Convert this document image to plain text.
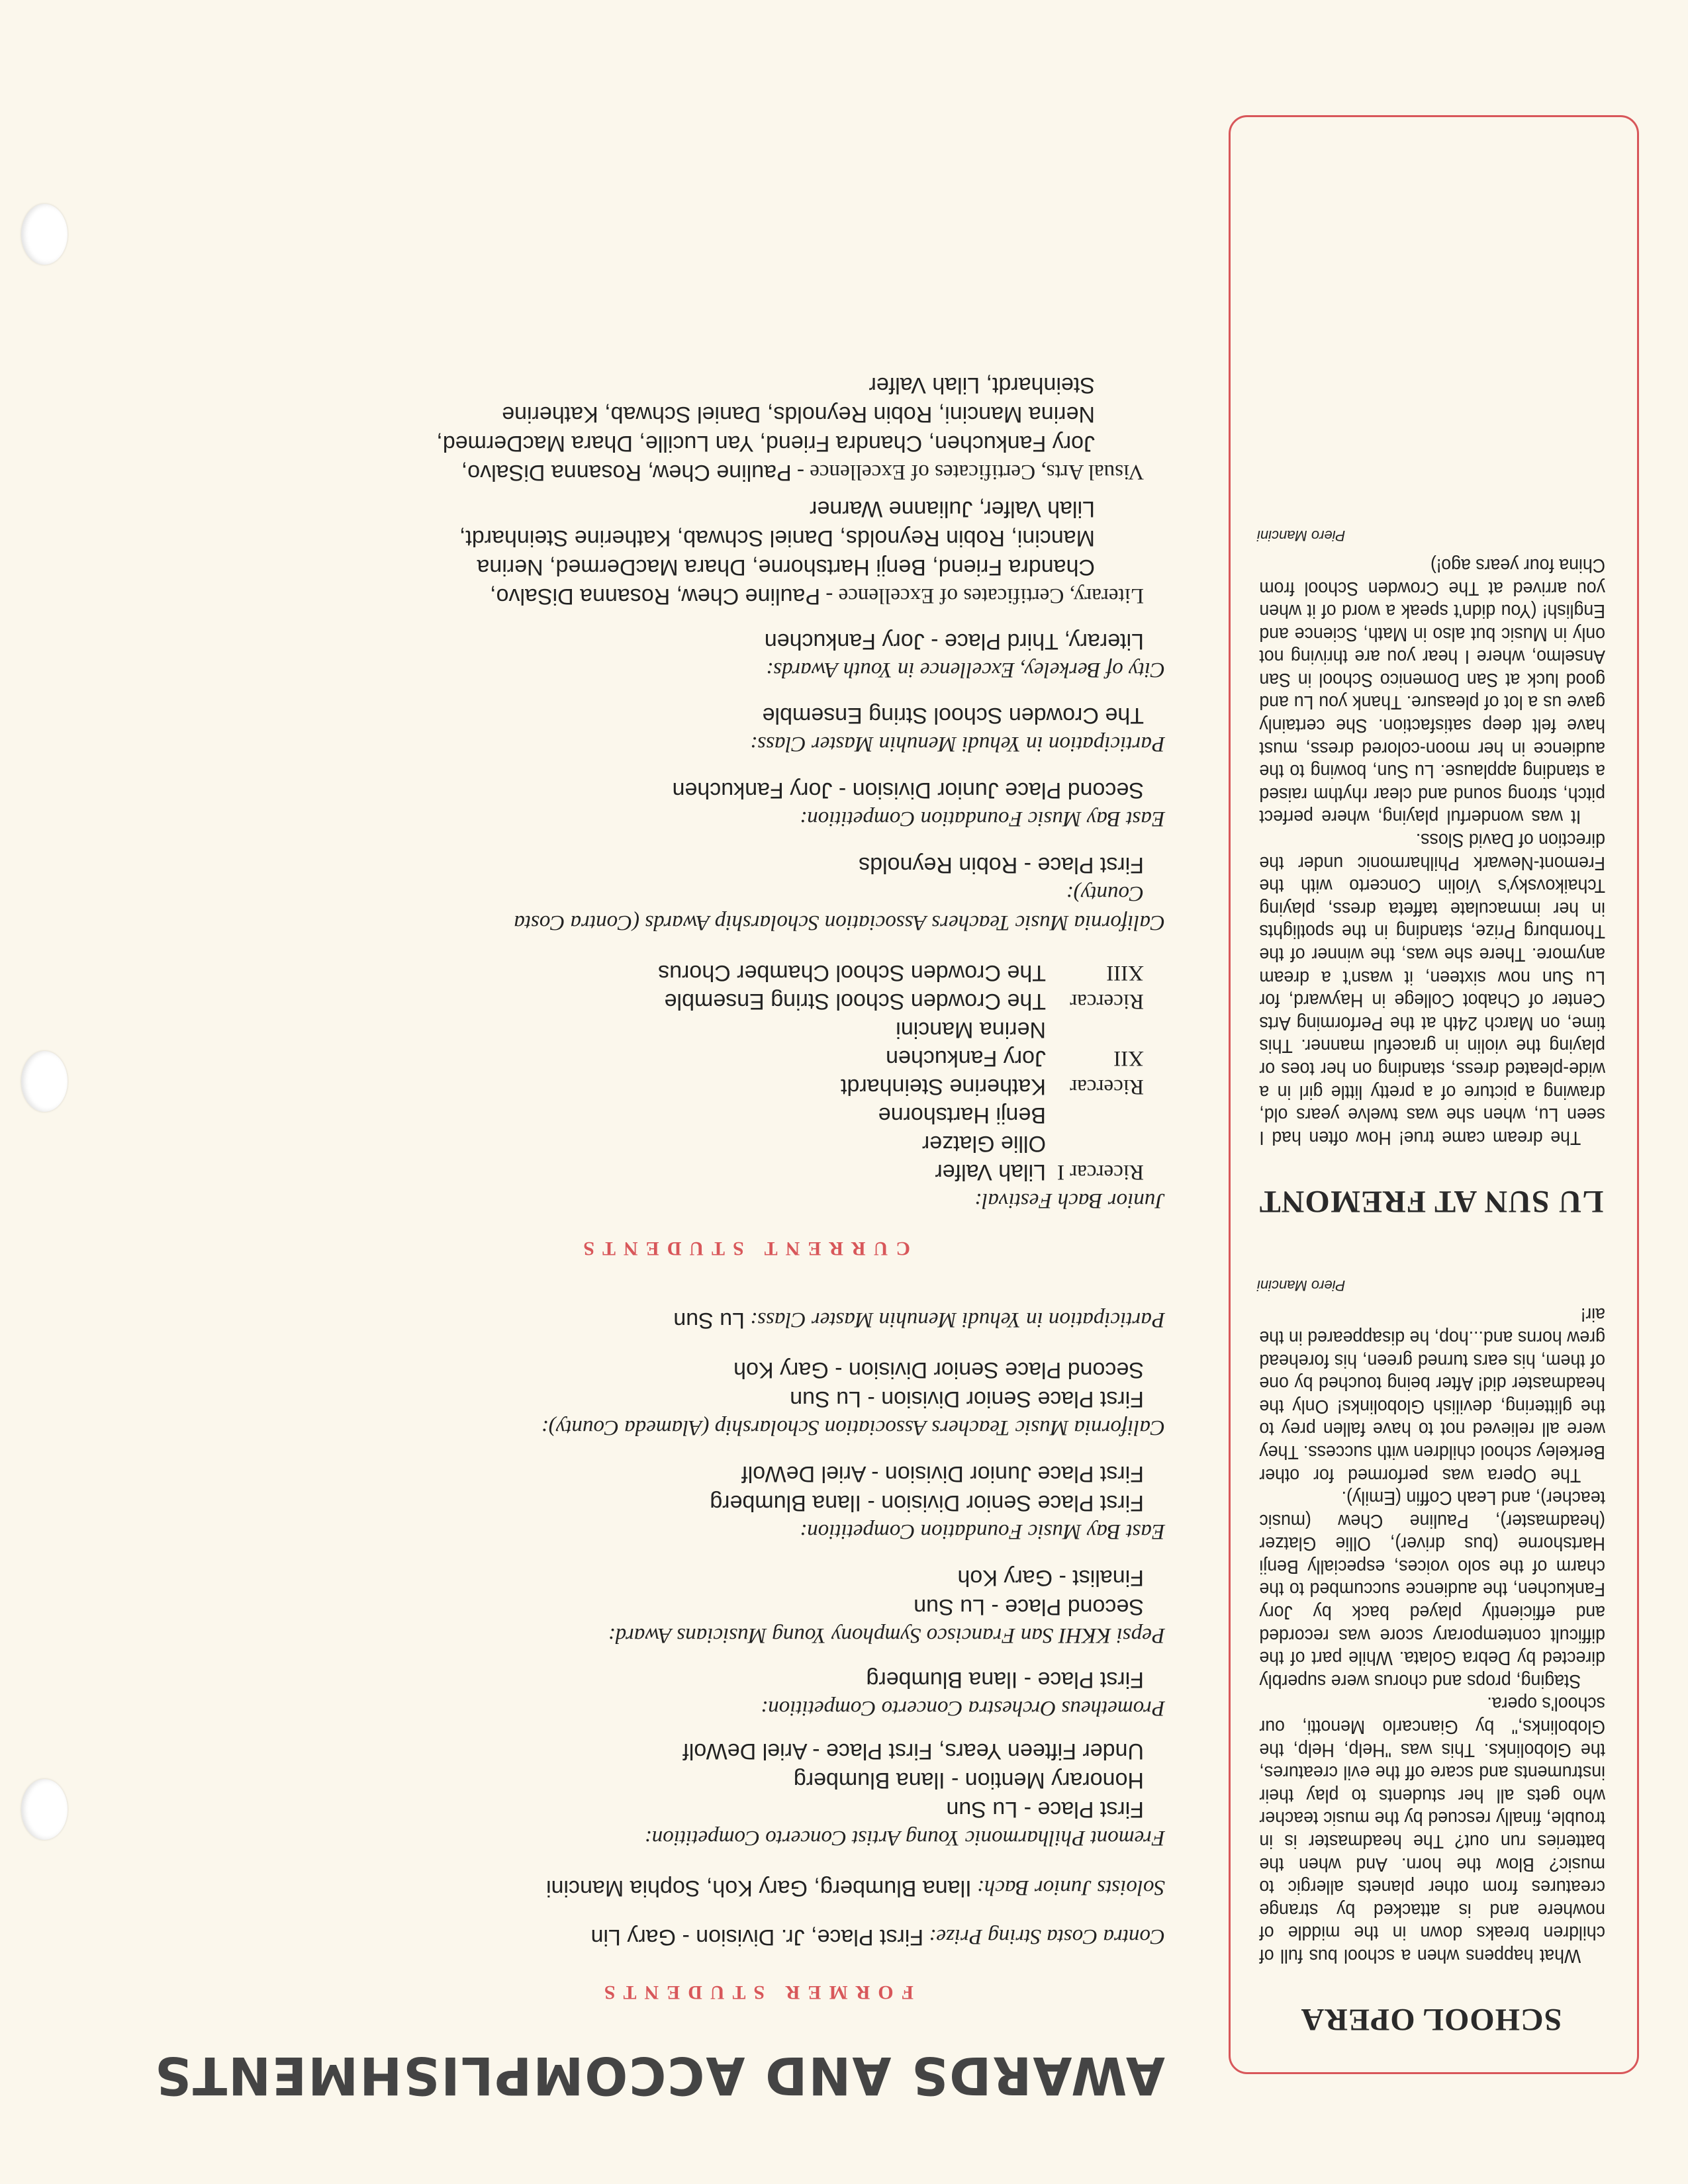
SCHOOL OPERA

What happens when a school bus full of children breaks down in the middle of nowhere and is attacked by strange creatures from other planets allergic to music? Blow the horn. And when the batteries run out? The headmaster is in trouble, finally rescued by the music teacher who gets all her students to play their instruments and scare off the evil creatures, the Globolinks. This was "Help, Help, the Globolinks," by Giancarlo Menotti, our school's opera.

Staging, props and chorus were superbly directed by Debra Golata. While part of the difficult contemporary score was recorded and efficiently played back by Jory Fankuchen, the audience succumbed to the charm of the solo voices, especially Benji Hartshorne (bus driver), Ollie Glatzer (headmaster), Pauline Chew (music teacher), and Leah Coffin (Emily).

The Opera was performed for other Berkeley school children with success. They were all relieved not to have fallen prey to the glittering, devilish Globolinks! Only the headmaster did! After being touched by one of them, his ears turned green, his forehead grew horns and...hop, he disappeared in the air!

Piero Mancini

LU SUN AT FREMONT

The dream came true! How often had I seen Lu, when she was twelve years old, drawing a picture of a pretty little girl in a wide-pleated dress, standing on her toes or playing the violin in graceful manner. This time, on March 24th at the Performing Arts Center of Chabot College in Hayward, for Lu Sun now sixteen, it wasn't a dream anymore. There she was, the winner of the Thornburg Prize, standing in the spotlights in her immaculate taffeta dress, playing Tchaikovsky's Violin Concerto with the Fremont-Newark Philharmonic under the direction of David Sloss.

It was wonderful playing, where perfect pitch, strong sound and clear rhythm raised a standing applause. Lu Sun, bowing to the audience in her moon-colored dress, must have felt deep satisfaction. She certainly gave us a lot of pleasure. Thank you Lu and good luck at San Domenico School in San Anselmo, where I hear you are thriving not only in Music but also in Math, Science and English! (You didn't speak a word of it when you arrived at The Crowden School from China four years ago!)

Piero Mancini

AWARDS AND ACCOMPLISHMENTS
FORMER STUDENTS
Contra Costa String Prize: First Place, Jr. Division - Gary Lin
Soloists Junior Bach: Ilana Blumberg, Gary Koh, Sophia Mancini
Fremont Philharmonic Young Artist Concerto Competition:
First Place - Lu Sun
Honorary Mention - Ilana Blumberg
Under Fifteen Years, First Place - Ariel DeWolf
Prometheus Orchestra Concerto Competition:
First Place - Ilana Blumberg
Pepsi KKHI San Francisco Symphony Young Musicians Award:
Second Place - Lu Sun
Finalist - Gary Koh
East Bay Music Foundation Competition:
First Place Senior Division - Ilana Blumberg
First Place Junior Division - Ariel DeWolf
California Music Teachers Association Scholarship (Alameda County):
First Place Senior Division - Lu Sun
Second Place Senior Division - Gary Koh
Participation in Yehudi Menuhin Master Class: Lu Sun
CURRENT STUDENTS
Junior Bach Festival:
Ricercar I
Lilah Valfer
Ollie Glatzer
Benji Hartshorne
Ricercar XII
Katherine Steinhardt
Jory Fankuchen
Nerina Mancini
Ricercar XIII
The Crowden School String Ensemble
The Crowden School Chamber Chorus
California Music Teachers Association Scholarship Awards (Contra Costa
County):
First Place - Robin Reynolds
East Bay Music Foundation Competition:
Second Place Junior Division - Jory Fankuchen
Participation in Yehudi Menuhin Master Class:
The Crowden School String Ensemble
City of Berkeley, Excellence in Youth Awards:
Literary, Third Place - Jory Fankuchen
Literary, Certificates of Excellence - Pauline Chew, Rosanna DiSalvo,
Chandra Friend, Benji Hartshorne, Dhara MacDermed, Nerina
Mancini, Robin Reynolds, Daniel Schwab, Katherine Steinhardt,
Lilah Valfer, Julianne Warner
Visual Arts, Certificates of Excellence - Pauline Chew, Rosanna DiSalvo,
Jory Fankuchen, Chandra Friend, Yan Lucille, Dhara MacDermed,
Nerina Mancini, Robin Reynolds, Daniel Schwab, Katherine
Steinhardt, Lilah Valfer
